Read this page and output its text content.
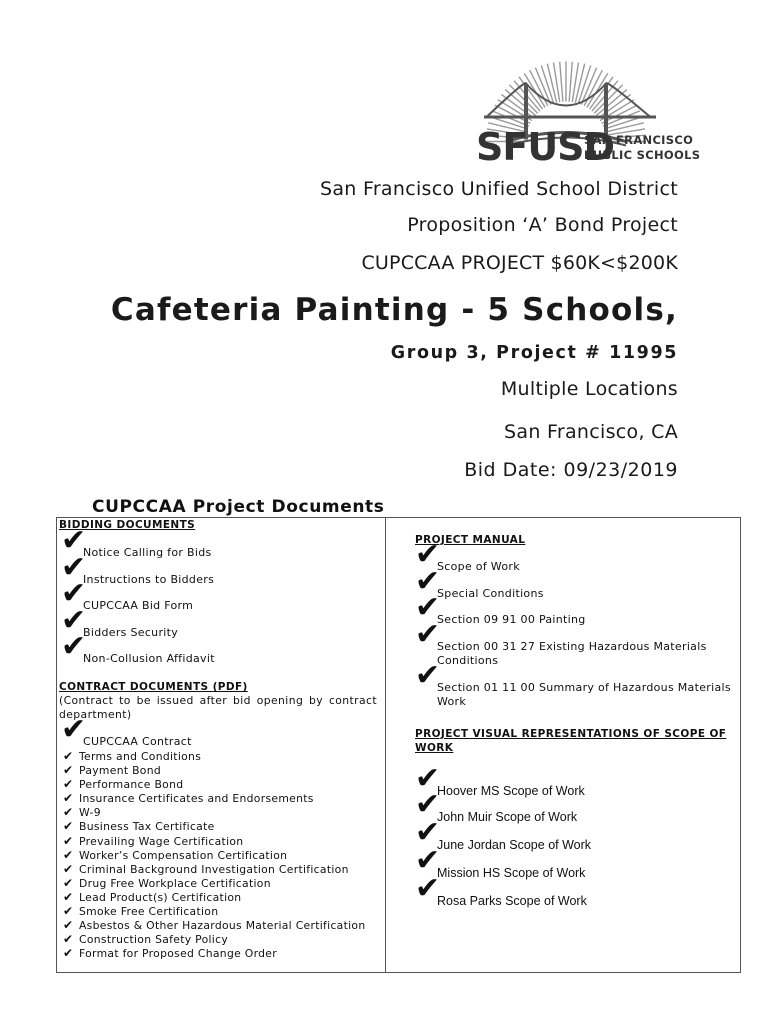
SFUSD
SAN FRANCISCO
PUBLIC SCHOOLS
San Francisco Unified School District
Proposition ‘A’ Bond Project
CUPCCAA PROJECT $60K<$200K
Cafeteria Painting - 5 Schools,
Group 3, Project # 11995
Multiple Locations
San Francisco, CA
Bid Date: 09/23/2019
CUPCCAA Project Documents
BIDDING DOCUMENTS
✔
Notice Calling for Bids
✔
Instructions to Bidders
✔
CUPCCAA Bid Form
✔
Bidders Security
✔
Non-Collusion Affidavit
CONTRACT DOCUMENTS (PDF)
(Contract to be issued after bid opening by contract department)
✔
CUPCCAA Contract
✔ Terms and Conditions
✔ Payment Bond
✔ Performance Bond
✔ Insurance Certificates and Endorsements
✔ W-9
✔ Business Tax Certificate
✔ Prevailing Wage Certification
✔ Worker’s Compensation Certification
✔ Criminal Background Investigation Certification
✔ Drug Free Workplace Certification
✔ Lead Product(s) Certification
✔ Smoke Free Certification
✔ Asbestos & Other Hazardous Material Certification
✔ Construction Safety Policy
✔ Format for Proposed Change Order
PROJECT MANUAL
✔
Scope of Work
✔
Special Conditions
✔
Section 09 91 00 Painting
✔
Section 00 31 27 Existing Hazardous Materials Conditions
✔
Section 01 11 00 Summary of Hazardous Materials Work
PROJECT VISUAL REPRESENTATIONS OF SCOPE OF WORK
✔
Hoover MS Scope of Work
✔
John Muir Scope of Work
✔
June Jordan Scope of Work
✔
Mission HS Scope of Work
✔
Rosa Parks Scope of Work
